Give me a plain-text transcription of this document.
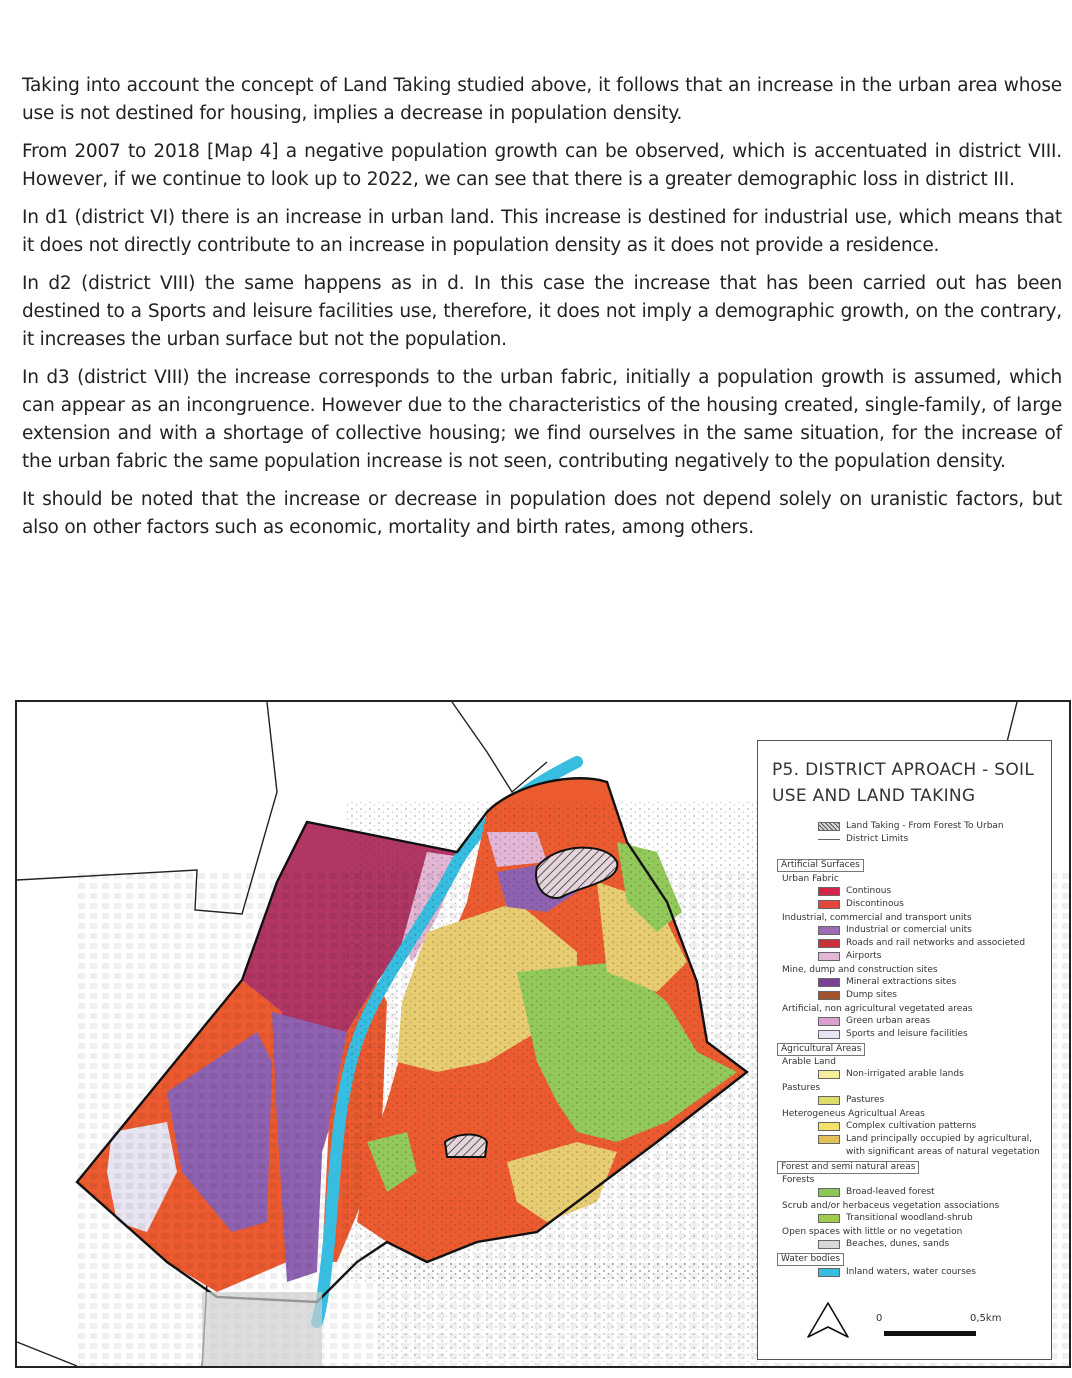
Taking into account the concept of Land Taking studied above, it follows that an increase in the urban area whose use is not destined for housing, implies a decrease in population density.

From 2007 to 2018 [Map 4] a negative population growth can be observed, which is accentuated in district VIII. However, if we continue to look up to 2022, we can see that there is a greater demographic loss in district III.

In d1 (district VI) there is an increase in urban land. This increase is destined for industrial use, which means that it does not directly contribute to an increase in population density as it does not provide a residence.

In d2 (district VIII) the same happens as in d. In this case the increase that has been carried out has been destined to a Sports and leisure facilities use, therefore, it does not imply a demographic growth, on the contrary, it increases the urban surface but not the population.

In d3 (district VIII) the increase corresponds to the urban fabric, initially a population growth is assumed, which can appear as an incongruence. However due to the characteristics of the housing created, single-family, of large extension and with a shortage of collective housing; we find ourselves in the same situation, for the increase of the urban fabric the same population increase is not seen, contributing negatively to the population density.

It should be noted that the increase or decrease in population does not depend solely on uranistic factors, but also on other factors such as economic, mortality and birth rates, among others.

P5. DISTRICT APROACH - SOIL
USE AND LAND TAKING
Land Taking - From Forest To Urban
District Limits
Artificial Surfaces
Urban Fabric
Continous
Discontinous
Industrial, commercial and transport units
Industrial or comercial units
Roads and rail networks and associeted
Airports
Mine, dump and construction sites
Mineral extractions sites
Dump sites
Artificial, non agricultural vegetated areas
Green urban areas
Sports and leisure facilities
Agricultural Areas
Arable Land
Non-irrigated arable lands
Pastures
Pastures
Heterogeneus Agricultual Areas
Complex cultivation patterns
Land principally occupied by agricultural,
with significant areas of natural vegetation
Forest and semi natural areas
Forests
Broad-leaved forest
Scrub and/or herbaceus vegetation associations
Transitional woodland-shrub
Open spaces with little or no vegetation
Beaches, dunes, sands
Water bodies
Inland waters, water courses
0	0,5km
